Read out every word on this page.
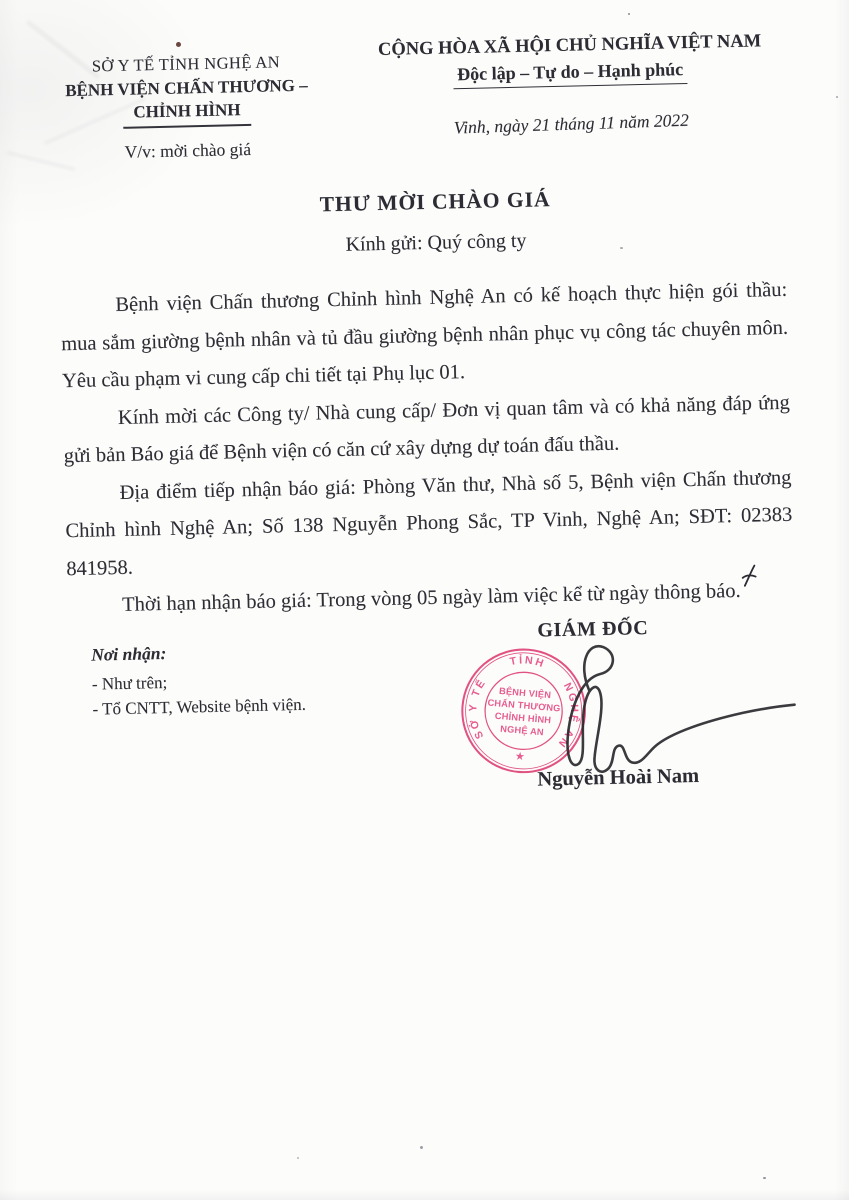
SỞ Y TẾ TỈNH NGHỆ AN
BỆNH VIỆN CHẤN THƯƠNG –
CHỈNH HÌNH
V/v: mời chào giá
CỘNG HÒA XÃ HỘI CHỦ NGHĨA VIỆT NAM
Độc lập – Tự do – Hạnh phúc
Vinh, ngày 21 tháng 11 năm 2022
THƯ MỜI CHÀO GIÁ
Kính gửi: Quý công ty

Bệnh viện Chấn thương Chỉnh hình Nghệ An có kế hoạch thực hiện gói thầu: mua sắm giường bệnh nhân và tủ đầu giường bệnh nhân phục vụ công tác chuyên môn. Yêu cầu phạm vi cung cấp chi tiết tại Phụ lục 01.

Kính mời các Công ty/ Nhà cung cấp/ Đơn vị quan tâm và có khả năng đáp ứng gửi bản Báo giá để Bệnh viện có căn cứ xây dựng dự toán đấu thầu.

Địa điểm tiếp nhận báo giá: Phòng Văn thư, Nhà số 5, Bệnh viện Chấn thương Chỉnh hình Nghệ An; Số 138 Nguyễn Phong Sắc, TP Vinh, Nghệ An; SĐT: 02383 841958.

Thời hạn nhận báo giá: Trong vòng 05 ngày làm việc kể từ ngày thông báo.

GIÁM ĐỐC
Nơi nhận:
- Như trên;
- Tổ CNTT, Website bệnh viện.
SỞ Y TẾ
TỈNH
NGHỆ AN
BỆNH VIỆN
CHẤN THƯƠNG
CHỈNH HÌNH
NGHỆ AN
★
Nguyễn Hoài Nam
